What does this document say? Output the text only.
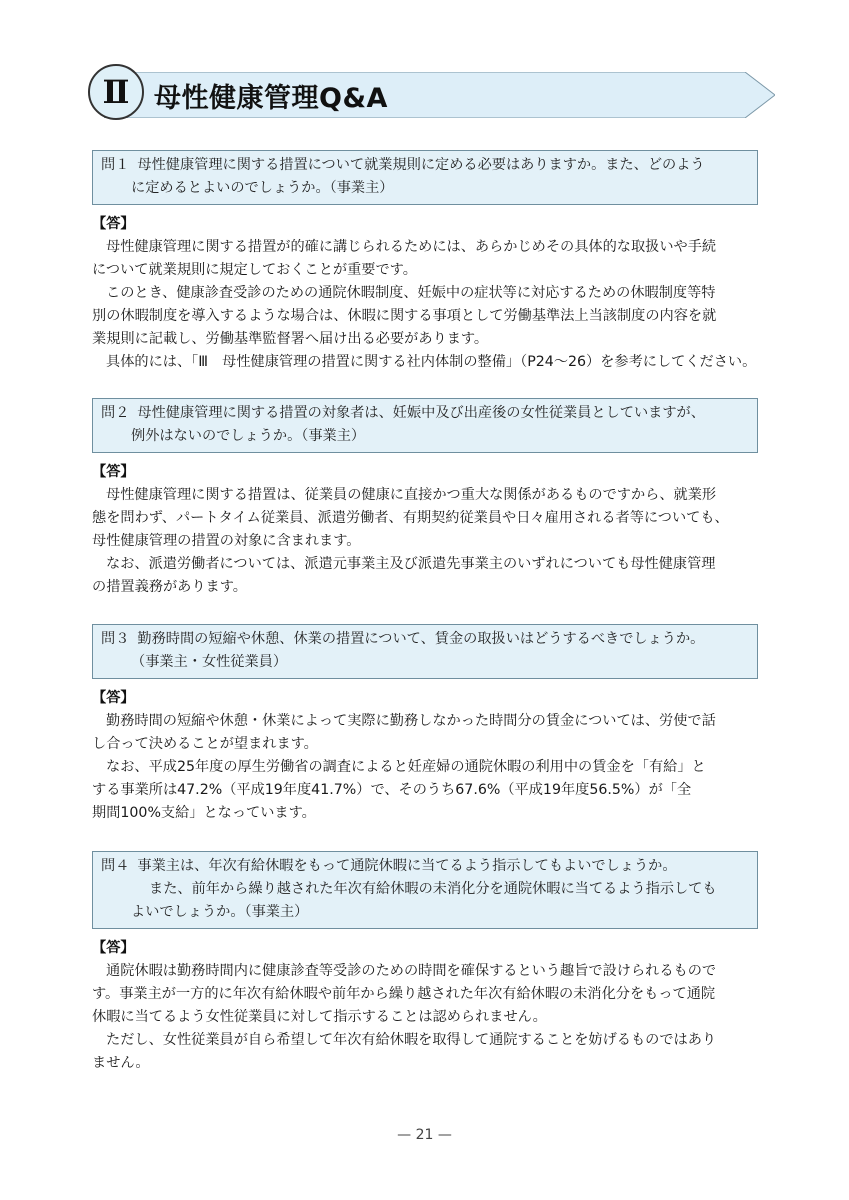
Ⅱ 母性健康管理Q&A
問１ 母性健康管理に関する措置について就業規則に定める必要はありますか。また、どのよう
に定めるとよいのでしょうか。（事業主）
【答】
母性健康管理に関する措置が的確に講じられるためには、あらかじめその具体的な取扱いや手続
について就業規則に規定しておくことが重要です。
このとき、健康診査受診のための通院休暇制度、妊娠中の症状等に対応するための休暇制度等特
別の休暇制度を導入するような場合は、休暇に関する事項として労働基準法上当該制度の内容を就
業規則に記載し、労働基準監督署へ届け出る必要があります。
具体的には、「Ⅲ　母性健康管理の措置に関する社内体制の整備」（P24〜26）を参考にしてください。
問２ 母性健康管理に関する措置の対象者は、妊娠中及び出産後の女性従業員としていますが、
例外はないのでしょうか。（事業主）
【答】
母性健康管理に関する措置は、従業員の健康に直接かつ重大な関係があるものですから、就業形
態を問わず、パートタイム従業員、派遣労働者、有期契約従業員や日々雇用される者等についても、
母性健康管理の措置の対象に含まれます。
なお、派遣労働者については、派遣元事業主及び派遣先事業主のいずれについても母性健康管理
の措置義務があります。
問３ 勤務時間の短縮や休憩、休業の措置について、賃金の取扱いはどうするべきでしょうか。
（事業主・女性従業員）
【答】
勤務時間の短縮や休憩・休業によって実際に勤務しなかった時間分の賃金については、労使で話
し合って決めることが望まれます。
なお、平成25年度の厚生労働省の調査によると妊産婦の通院休暇の利用中の賃金を「有給」と
する事業所は47.2%（平成19年度41.7%）で、そのうち67.6%（平成19年度56.5%）が「全
期間100%支給」となっています。
問４ 事業主は、年次有給休暇をもって通院休暇に当てるよう指示してもよいでしょうか。
また、前年から繰り越された年次有給休暇の未消化分を通院休暇に当てるよう指示しても
よいでしょうか。（事業主）
【答】
通院休暇は勤務時間内に健康診査等受診のための時間を確保するという趣旨で設けられるもので
す。事業主が一方的に年次有給休暇や前年から繰り越された年次有給休暇の未消化分をもって通院
休暇に当てるよう女性従業員に対して指示することは認められません。
ただし、女性従業員が自ら希望して年次有給休暇を取得して通院することを妨げるものではあり
ません。
— 21 —
